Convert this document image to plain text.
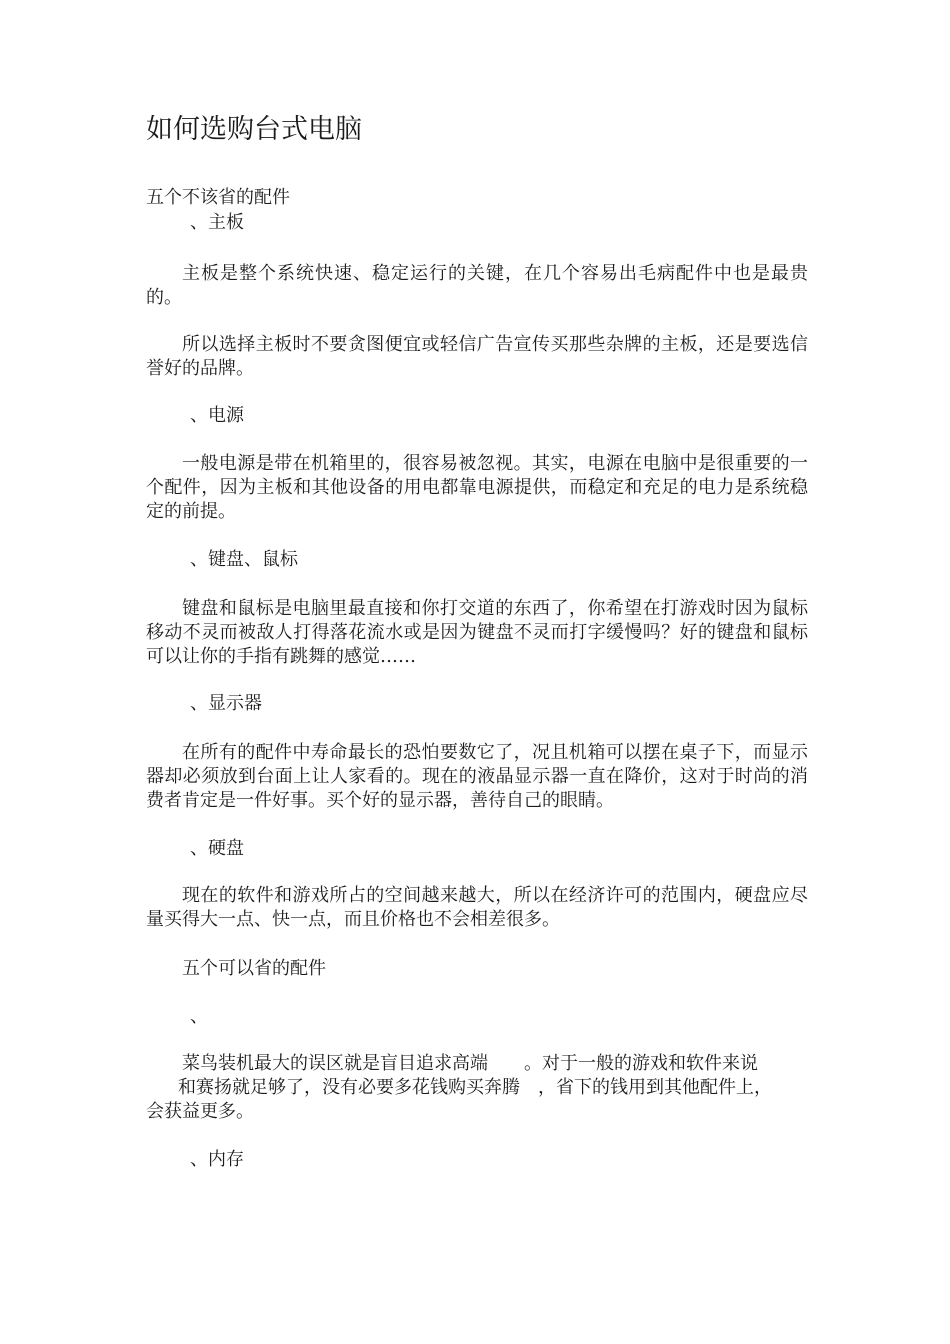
如何选购台式电脑

五个不该省的配件

、主板

主板是整个系统快速、稳定运行的关键，在几个容易出毛病配件中也是最贵的。

所以选择主板时不要贪图便宜或轻信广告宣传买那些杂牌的主板，还是要选信誉好的品牌。

、电源

一般电源是带在机箱里的，很容易被忽视。其实，电源在电脑中是很重要的一个配件，因为主板和其他设备的用电都靠电源提供，而稳定和充足的电力是系统稳定的前提。

、键盘、鼠标

键盘和鼠标是电脑里最直接和你打交道的东西了，你希望在打游戏时因为鼠标移动不灵而被敌人打得落花流水或是因为键盘不灵而打字缓慢吗？好的键盘和鼠标可以让你的手指有跳舞的感觉……

、显示器

在所有的配件中寿命最长的恐怕要数它了，况且机箱可以摆在桌子下，而显示器却必须放到台面上让人家看的。现在的液晶显示器一直在降价，这对于时尚的消费者肯定是一件好事。买个好的显示器，善待自己的眼睛。

、硬盘

现在的软件和游戏所占的空间越来越大，所以在经济许可的范围内，硬盘应尽量买得大一点、快一点，而且价格也不会相差很多。

五个可以省的配件

、

菜鸟装机最大的误区就是盲目追求高端　　。对于一般的游戏和软件来说

和赛扬就足够了，没有必要多花钱购买奔腾　，省下的钱用到其他配件上，

会获益更多。

、内存
